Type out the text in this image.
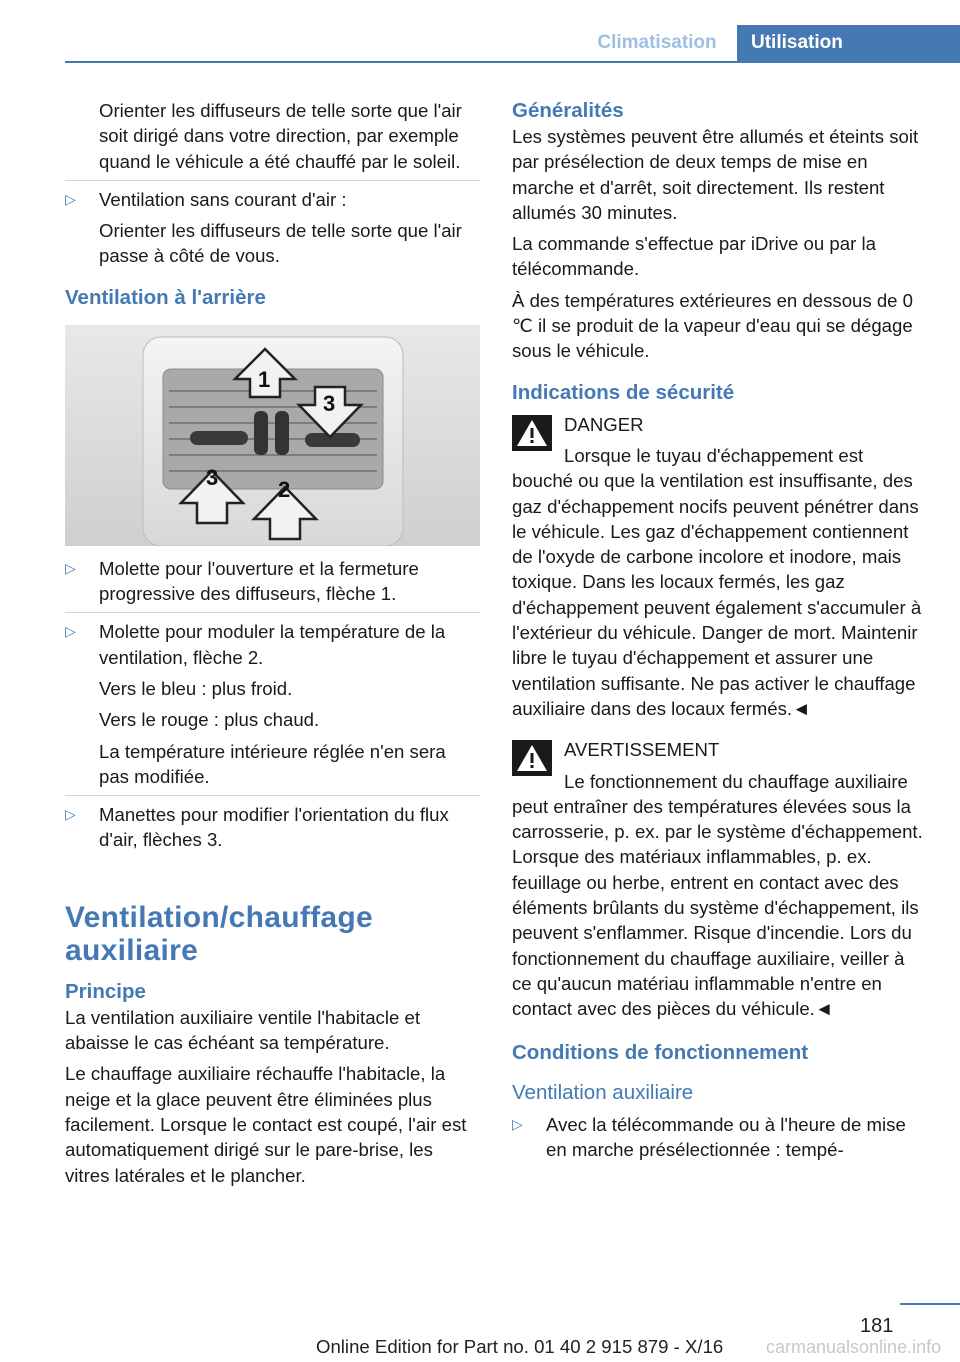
Climatisation	Utilisation

Orienter les diffuseurs de telle sorte que l'air soit dirigé dans votre direction, par exemple quand le véhicule a été chauffé par le soleil.

▷ Ventilation sans courant d'air :

Orienter les diffuseurs de telle sorte que l'air passe à côté de vous.

Ventilation à l'arrière
1
2
3
3
▷ Molette pour l'ouverture et la fermeture progressive des diffuseurs, flèche 1.
▷ Molette pour moduler la température de la ventilation, flèche 2.

Vers le bleu : plus froid.

Vers le rouge : plus chaud.

La température intérieure réglée n'en sera pas modifiée.

▷ Manettes pour modifier l'orientation du flux d'air, flèches 3.
Ventilation/chauffage auxiliaire
Principe

La ventilation auxiliaire ventile l'habitacle et abaisse le cas échéant sa température.

Le chauffage auxiliaire réchauffe l'habitacle, la neige et la glace peuvent être éliminées plus facilement. Lorsque le contact est coupé, l'air est automatiquement dirigé sur le pare-brise, les vitres latérales et le plancher.

Généralités

Les systèmes peuvent être allumés et éteints soit par présélection de deux temps de mise en marche et d'arrêt, soit directement. Ils restent allumés 30 minutes.

La commande s'effectue par iDrive ou par la télécommande.

À des températures extérieures en dessous de 0 ℃ il se produit de la vapeur d'eau qui se dégage sous le véhicule.

Indications de sécurité
DANGER

Lorsque le tuyau d'échappement est bouché ou que la ventilation est insuffisante, des gaz d'échappement nocifs peuvent pénétrer dans le véhicule. Les gaz d'échappement contiennent de l'oxyde de carbone incolore et inodore, mais toxique. Dans les locaux fermés, les gaz d'échappement peuvent également s'accumuler à l'extérieur du véhicule. Danger de mort. Maintenir libre le tuyau d'échappement et assurer une ventilation suffisante. Ne pas activer le chauffage auxiliaire dans des locaux fermés.◄

AVERTISSEMENT

Le fonctionnement du chauffage auxiliaire peut entraîner des températures élevées sous la carrosserie, p. ex. par le système d'échappement. Lorsque des matériaux inflammables, p. ex. feuillage ou herbe, entrent en contact avec des éléments brûlants du système d'échappement, ils peuvent s'enflammer. Risque d'incendie. Lors du fonctionnement du chauffage auxiliaire, veiller à ce qu'aucun matériau inflammable n'entre en contact avec des pièces du véhicule.◄

Conditions de fonctionnement
Ventilation auxiliaire
▷ Avec la télécommande ou à l'heure de mise en marche présélectionnée : tempé-
181
Online Edition for Part no. 01 40 2 915 879 - X/16 carmanualsonline.info
